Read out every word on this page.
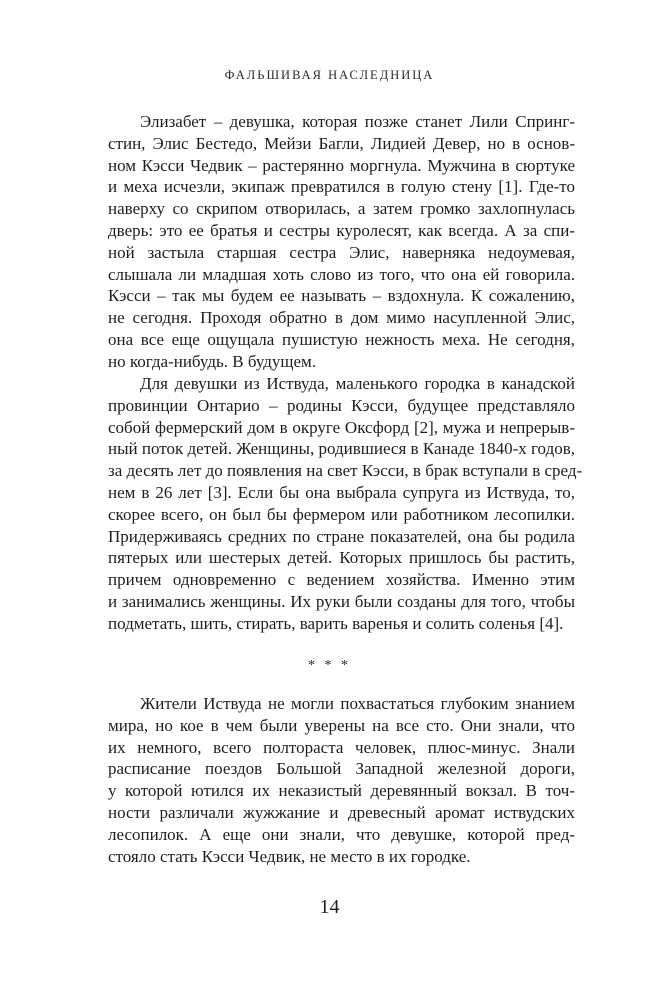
ФАЛЬШИВАЯ НАСЛЕДНИЦА
Элизабет – девушка, которая позже станет Лили Спринг-
стин, Элис Бестедо, Мейзи Багли, Лидией Девер, но в основ-
ном Кэсси Чедвик – растерянно моргнула. Мужчина в сюртуке
и меха исчезли, экипаж превратился в голую стену [1]. Где-то
наверху со скрипом отворилась, а затем громко захлопнулась
дверь: это ее братья и сестры куролесят, как всегда. А за спи-
ной застыла старшая сестра Элис, наверняка недоумевая,
слышала ли младшая хоть слово из того, что она ей говорила.
Кэсси – так мы будем ее называть – вздохнула. К сожалению,
не сегодня. Проходя обратно в дом мимо насупленной Элис,
она все еще ощущала пушистую нежность меха. Не сегодня,
но когда-нибудь. В будущем.
Для девушки из Иствуда, маленького городка в канадской
провинции Онтарио – родины Кэсси, будущее представляло
собой фермерский дом в округе Оксфорд [2], мужа и непрерыв-
ный поток детей. Женщины, родившиеся в Канаде 1840-х годов,
за десять лет до появления на свет Кэсси, в брак вступали в сред-
нем в 26 лет [3]. Если бы она выбрала супруга из Иствуда, то,
скорее всего, он был бы фермером или работником лесопилки.
Придерживаясь средних по стране показателей, она бы родила
пятерых или шестерых детей. Которых пришлось бы растить,
причем одновременно с ведением хозяйства. Именно этим
и занимались женщины. Их руки были созданы для того, чтобы
подметать, шить, стирать, варить варенья и солить соленья [4].
* * *
Жители Иствуда не могли похвастаться глубоким знанием
мира, но кое в чем были уверены на все сто. Они знали, что
их немного, всего полтораста человек, плюс-минус. Знали
расписание поездов Большой Западной железной дороги,
у которой ютился их неказистый деревянный вокзал. В точ-
ности различали жужжание и древесный аромат иствудских
лесопилок. А еще они знали, что девушке, которой пред-
стояло стать Кэсси Чедвик, не место в их городке.
14
